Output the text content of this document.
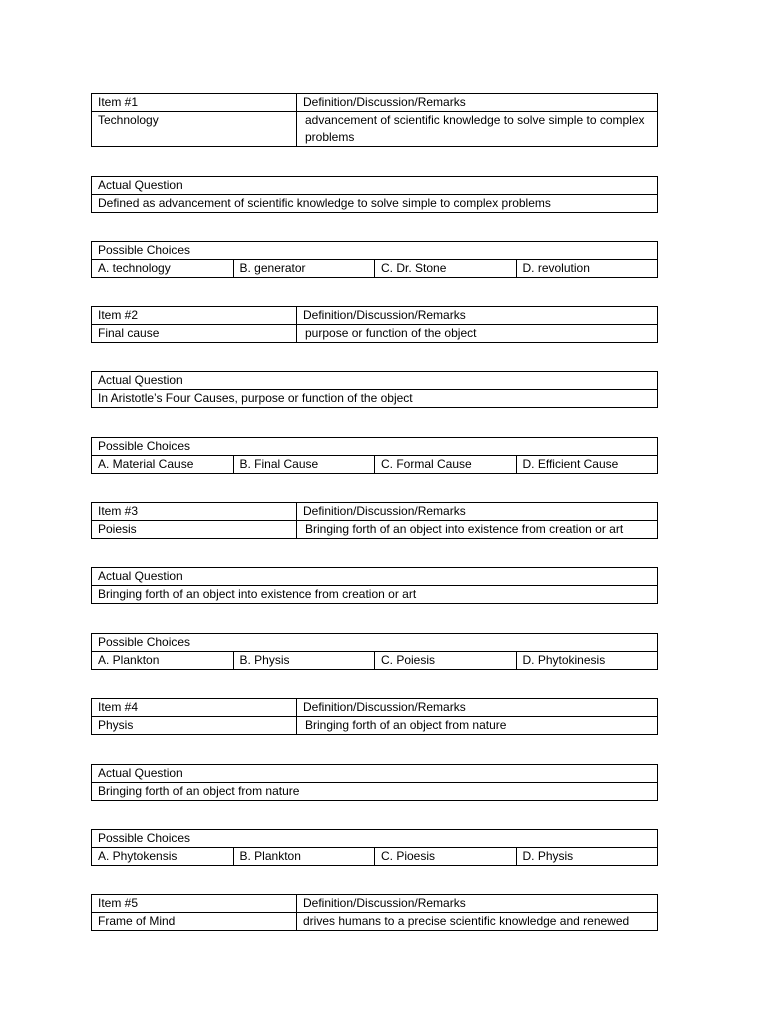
Item #1	Definition/Discussion/Remarks
Technology	advancement of scientific knowledge to solve simple to complex problems
Actual Question
Defined as advancement of scientific knowledge to solve simple to complex problems
Possible Choices
A. technology	B. generator	C. Dr. Stone	D. revolution
Item #2	Definition/Discussion/Remarks
Final cause	purpose or function of the object
Actual Question
In Aristotle’s Four Causes, purpose or function of the object
Possible Choices
A. Material Cause	B. Final Cause	C. Formal Cause	D. Efficient Cause
Item #3	Definition/Discussion/Remarks
Poiesis	Bringing forth of an object into existence from creation or art
Actual Question
Bringing forth of an object into existence from creation or art
Possible Choices
A. Plankton	B. Physis	C. Poiesis	D. Phytokinesis
Item #4	Definition/Discussion/Remarks
Physis	Bringing forth of an object from nature
Actual Question
Bringing forth of an object from nature
Possible Choices
A. Phytokensis	B. Plankton	C. Pioesis	D. Physis
Item #5	Definition/Discussion/Remarks
Frame of Mind	drives humans to a precise scientific knowledge and renewed
